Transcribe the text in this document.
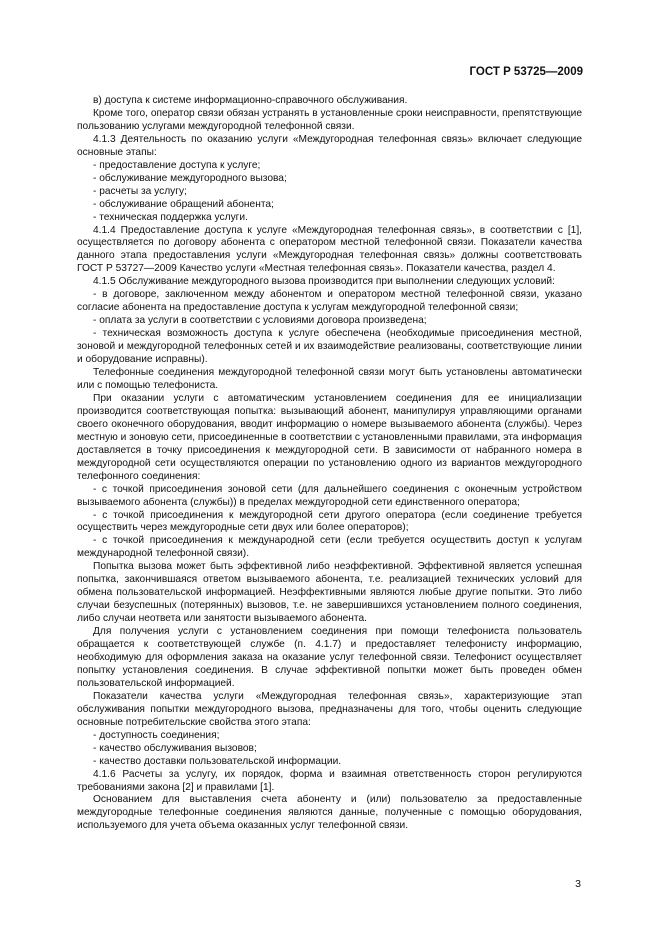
ГОСТ Р 53725—2009

в) доступа к системе информационно-справочного обслуживания.

Кроме того, оператор связи обязан устранять в установленные сроки неисправности, препятствующие пользованию услугами междугородной телефонной связи.

4.1.3 Деятельность по оказанию услуги «Междугородная телефонная связь» включает следующие основные этапы:

- предоставление доступа к услуге;

- обслуживание междугородного вызова;

- расчеты за услугу;

- обслуживание обращений абонента;

- техническая поддержка услуги.

4.1.4 Предоставление доступа к услуге «Междугородная телефонная связь», в соответствии с [1], осуществляется по договору абонента с оператором местной телефонной связи. Показатели качества данного этапа предоставления услуги «Междугородная телефонная связь» должны соответствовать ГОСТ Р 53727—2009 Качество услуги «Местная телефонная связь». Показатели качества, раздел 4.

4.1.5 Обслуживание междугородного вызова производится при выполнении следующих условий:

- в договоре, заключенном между абонентом и оператором местной телефонной связи, указано согласие абонента на предоставление доступа к услугам междугородной телефонной связи;

- оплата за услуги в соответствии с условиями договора произведена;

- техническая возможность доступа к услуге обеспечена (необходимые присоединения местной, зоновой и междугородной телефонных сетей и их взаимодействие реализованы, соответствующие линии и оборудование исправны).

Телефонные соединения междугородной телефонной связи могут быть установлены автоматически или с помощью телефониста.

При оказании услуги с автоматическим установлением соединения для ее инициализации производится соответствующая попытка: вызывающий абонент, манипулируя управляющими органами своего оконечного оборудования, вводит информацию о номере вызываемого абонента (службы). Через местную и зоновую сети, присоединенные в соответствии с установленными правилами, эта информация доставляется в точку присоединения к междугородной сети. В зависимости от набранного номера в междугородной сети осуществляются операции по установлению одного из вариантов междугородного телефонного соединения:

- с точкой присоединения зоновой сети (для дальнейшего соединения с оконечным устройством вызываемого абонента (службы)) в пределах междугородной сети единственного оператора;

- с точкой присоединения к междугородной сети другого оператора (если соединение требуется осуществить через междугородные сети двух или более операторов);

- с точкой присоединения к международной сети (если требуется осуществить доступ к услугам международной телефонной связи).

Попытка вызова может быть эффективной либо неэффективной. Эффективной является успешная попытка, закончившаяся ответом вызываемого абонента, т.е. реализацией технических условий для обмена пользовательской информацией. Неэффективными являются любые другие попытки. Это либо случаи безуспешных (потерянных) вызовов, т.е. не завершившихся установлением полного соединения, либо случаи неответа или занятости вызываемого абонента.

Для получения услуги с установлением соединения при помощи телефониста пользователь обращается к соответствующей службе (п. 4.1.7) и предоставляет телефонисту информацию, необходимую для оформления заказа на оказание услуг телефонной связи. Телефонист осуществляет попытку установления соединения. В случае эффективной попытки может быть проведен обмен пользовательской информацией.

Показатели качества услуги «Междугородная телефонная связь», характеризующие этап обслуживания попытки междугородного вызова, предназначены для того, чтобы оценить следующие основные потребительские свойства этого этапа:

- доступность соединения;

- качество обслуживания вызовов;

- качество доставки пользовательской информации.

4.1.6 Расчеты за услугу, их порядок, форма и взаимная ответственность сторон регулируются требованиями закона [2] и правилами [1].

Основанием для выставления счета абоненту и (или) пользователю за предоставленные междугородные телефонные соединения являются данные, полученные с помощью оборудования, используемого для учета объема оказанных услуг телефонной связи.

3
